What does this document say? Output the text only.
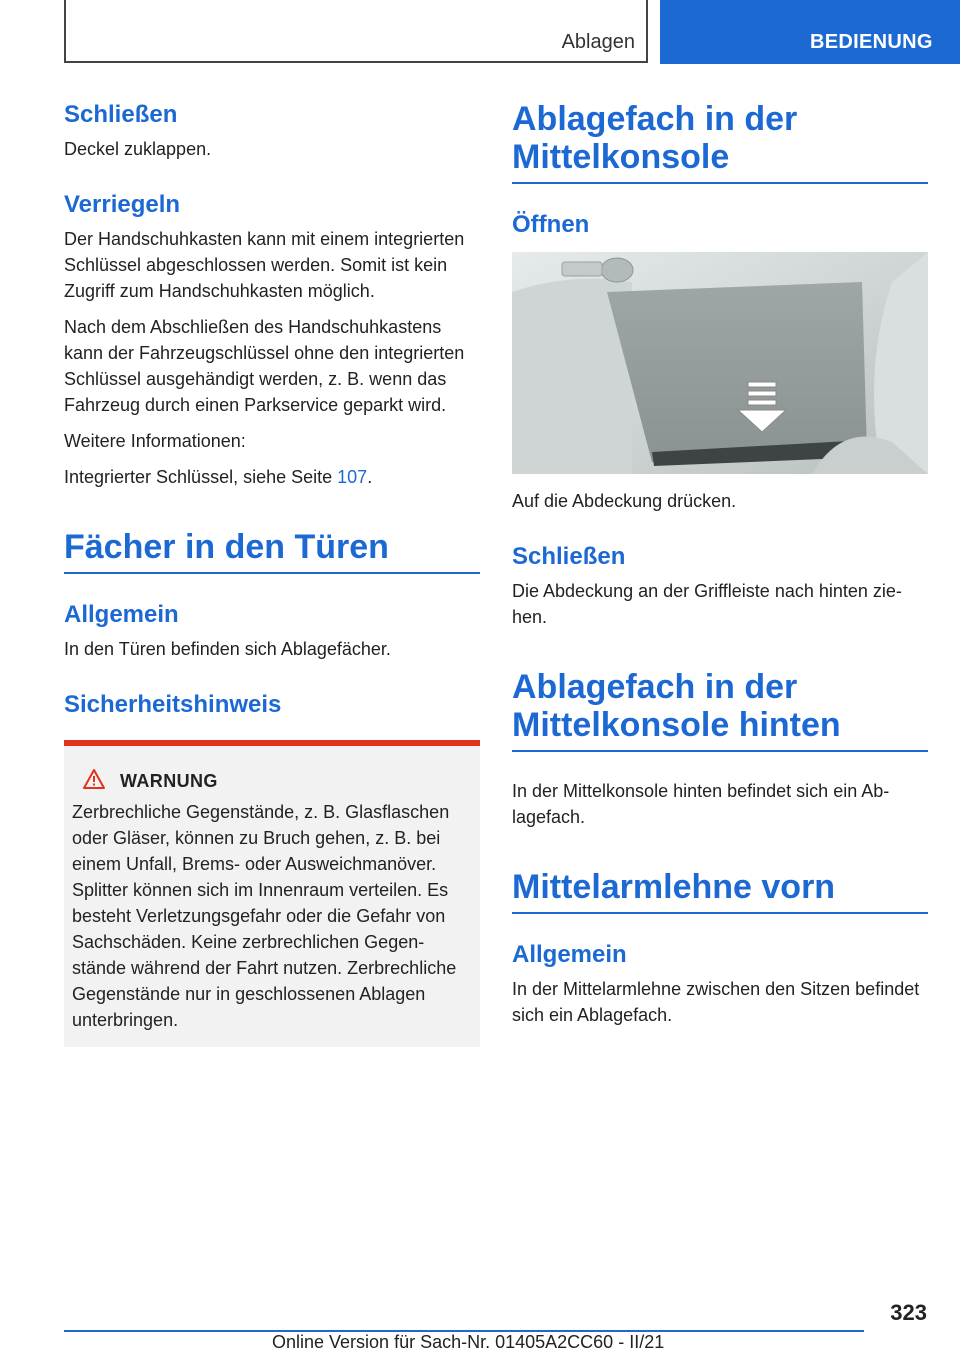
Ablagen	BEDIENUNG
Schließen

Deckel zuklappen.

Verriegeln

Der Handschuhkasten kann mit einem integrierten Schlüssel abgeschlossen werden. Somit ist kein Zugriff zum Handschuhkasten möglich.

Nach dem Abschließen des Handschuhkastens kann der Fahrzeugschlüssel ohne den integrierten Schlüssel ausgehändigt werden, z. B. wenn das Fahrzeug durch einen Parkservice geparkt wird.

Weitere Informationen:

Integrierter Schlüssel, siehe Seite 107.

Fächer in den Türen
Allgemein

In den Türen befinden sich Ablagefächer.

Sicherheitshinweis
WARNUNG

Zerbrechliche Gegenstände, z. B. Glasflaschen oder Gläser, können zu Bruch gehen, z. B. bei einem Unfall, Brems- oder Ausweichmanöver. Splitter können sich im Innenraum verteilen. Es besteht Verletzungsgefahr oder die Gefahr von Sachschäden. Keine zerbrechlichen Gegenstände während der Fahrt nutzen. Zerbrechliche Gegenstände nur in geschlossenen Ablagen unterbringen.

Ablagefach in der Mittelkonsole
Öffnen

Auf die Abdeckung drücken.

Schließen

Die Abdeckung an der Griffleiste nach hinten ziehen.

Ablagefach in der Mittelkonsole hinten

In der Mittelkonsole hinten befindet sich ein Ablagefach.

Mittelarmlehne vorn
Allgemein

In der Mittelarmlehne zwischen den Sitzen befindet sich ein Ablagefach.

323
Online Version für Sach-Nr. 01405A2CC60 - II/21
